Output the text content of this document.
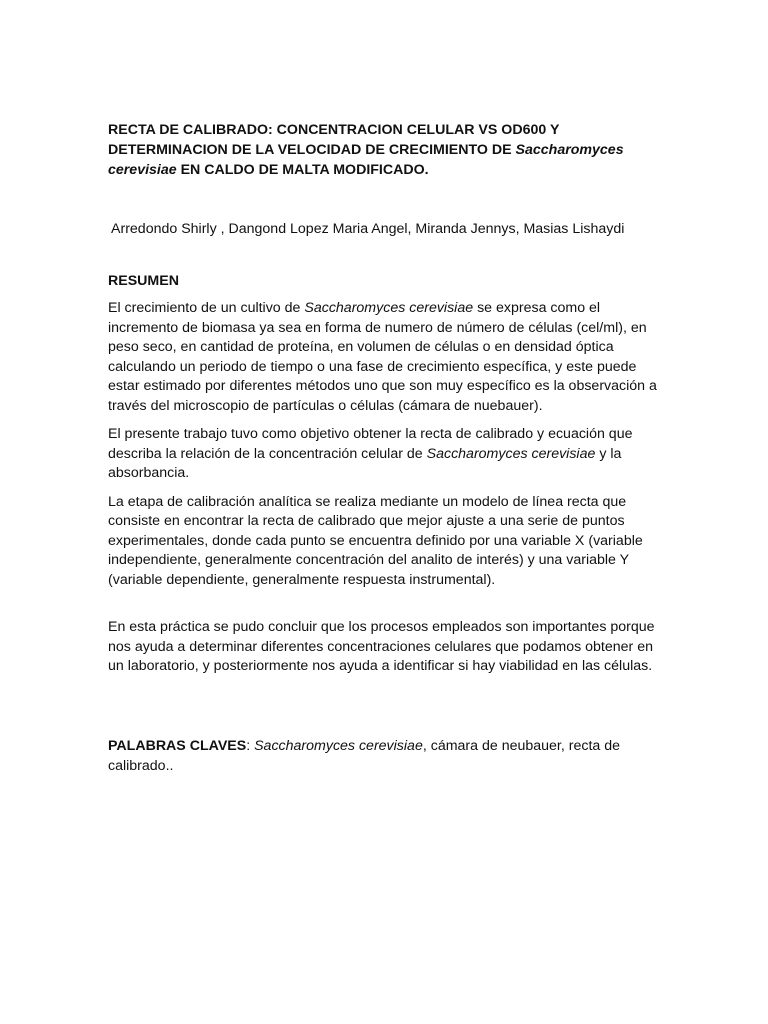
RECTA DE CALIBRADO: CONCENTRACION CELULAR VS OD600 Y DETERMINACION DE LA VELOCIDAD DE CRECIMIENTO DE Saccharomyces cerevisiae EN CALDO DE MALTA MODIFICADO.
Arredondo Shirly , Dangond Lopez Maria Angel, Miranda Jennys, Masias Lishaydi
RESUMEN

El crecimiento de un cultivo de Saccharomyces cerevisiae se expresa como el incremento de biomasa ya sea en forma de numero de número de células (cel/ml), en peso seco, en cantidad de proteína, en volumen de células o en densidad óptica calculando un periodo de tiempo o una fase de crecimiento específica, y este puede estar estimado por diferentes métodos uno que son muy específico es la observación a través del microscopio de partículas o células (cámara de nuebauer).

El presente trabajo tuvo como objetivo obtener la recta de calibrado y ecuación que describa la relación de la concentración celular de Saccharomyces cerevisiae y la absorbancia.

La etapa de calibración analítica se realiza mediante un modelo de línea recta que consiste en encontrar la recta de calibrado que mejor ajuste a una serie de puntos experimentales, donde cada punto se encuentra definido por una variable X (variable independiente, generalmente concentración del analito de interés) y una variable Y (variable dependiente, generalmente respuesta instrumental).

En esta práctica se pudo concluir que los procesos empleados son importantes porque nos ayuda a determinar diferentes concentraciones celulares que podamos obtener en un laboratorio, y posteriormente nos ayuda a identificar si hay viabilidad en las células.

PALABRAS CLAVES: Saccharomyces cerevisiae, cámara de neubauer, recta de calibrado..
